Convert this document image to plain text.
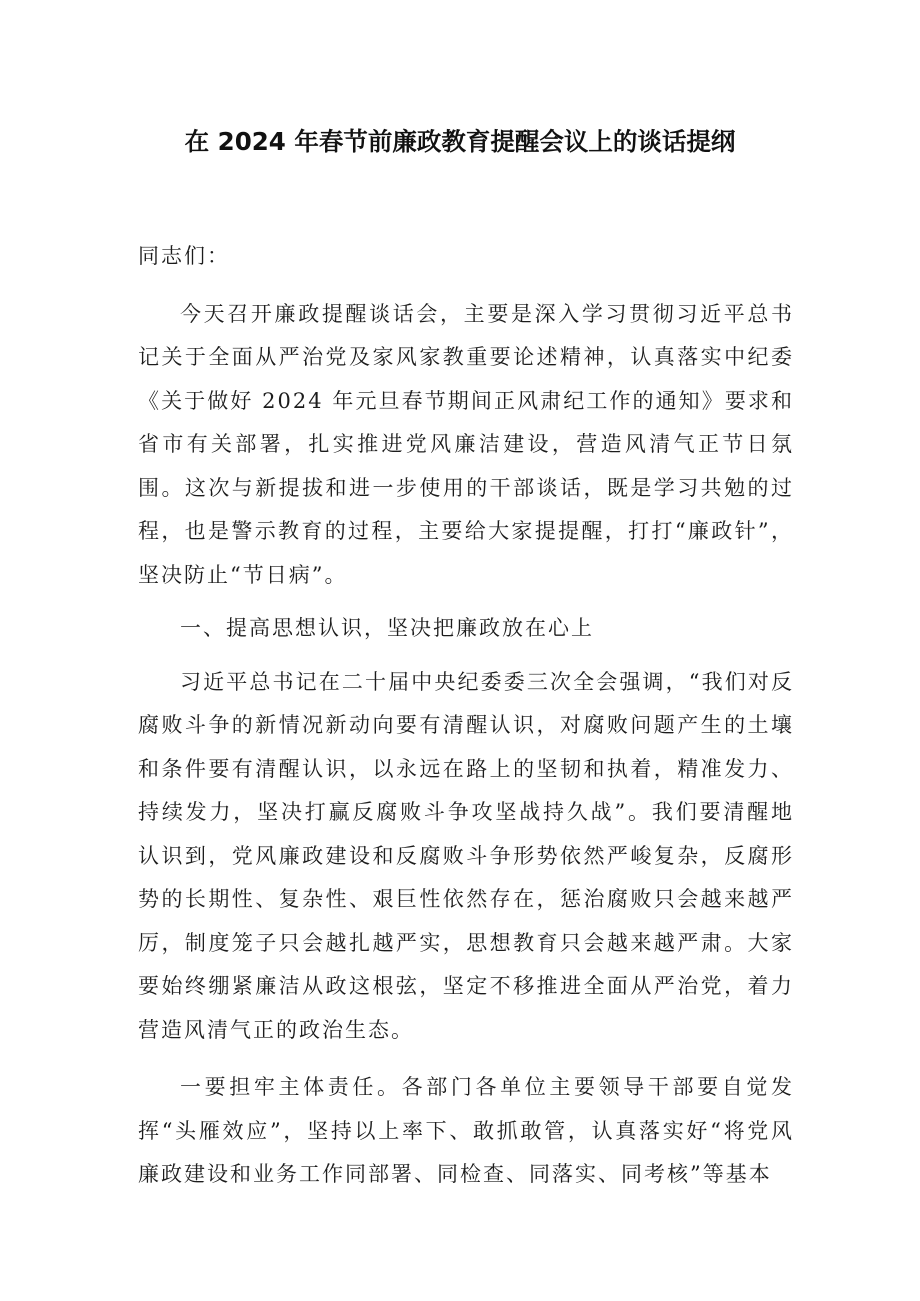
在 2024 年春节前廉政教育提醒会议上的谈话提纲

同志们：

今天召开廉政提醒谈话会，主要是深入学习贯彻习近平总书记关于全面从严治党及家风家教重要论述精神，认真落实中纪委《关于做好 2024 年元旦春节期间正风肃纪工作的通知》要求和省市有关部署，扎实推进党风廉洁建设，营造风清气正节日氛围。这次与新提拔和进一步使用的干部谈话，既是学习共勉的过程，也是警示教育的过程，主要给大家提提醒，打打“廉政针”，坚决防止“节日病”。

一、提高思想认识，坚决把廉政放在心上

习近平总书记在二十届中央纪委委三次全会强调，“我们对反腐败斗争的新情况新动向要有清醒认识，对腐败问题产生的土壤和条件要有清醒认识，以永远在路上的坚韧和执着，精准发力、持续发力，坚决打赢反腐败斗争攻坚战持久战”。我们要清醒地认识到，党风廉政建设和反腐败斗争形势依然严峻复杂，反腐形势的长期性、复杂性、艰巨性依然存在，惩治腐败只会越来越严厉，制度笼子只会越扎越严实，思想教育只会越来越严肃。大家要始终绷紧廉洁从政这根弦，坚定不移推进全面从严治党，着力营造风清气正的政治生态。

一要担牢主体责任。各部门各单位主要领导干部要自觉发挥“头雁效应”，坚持以上率下、敢抓敢管，认真落实好“将党风廉政建设和业务工作同部署、同检查、同落实、同考核”等基本
